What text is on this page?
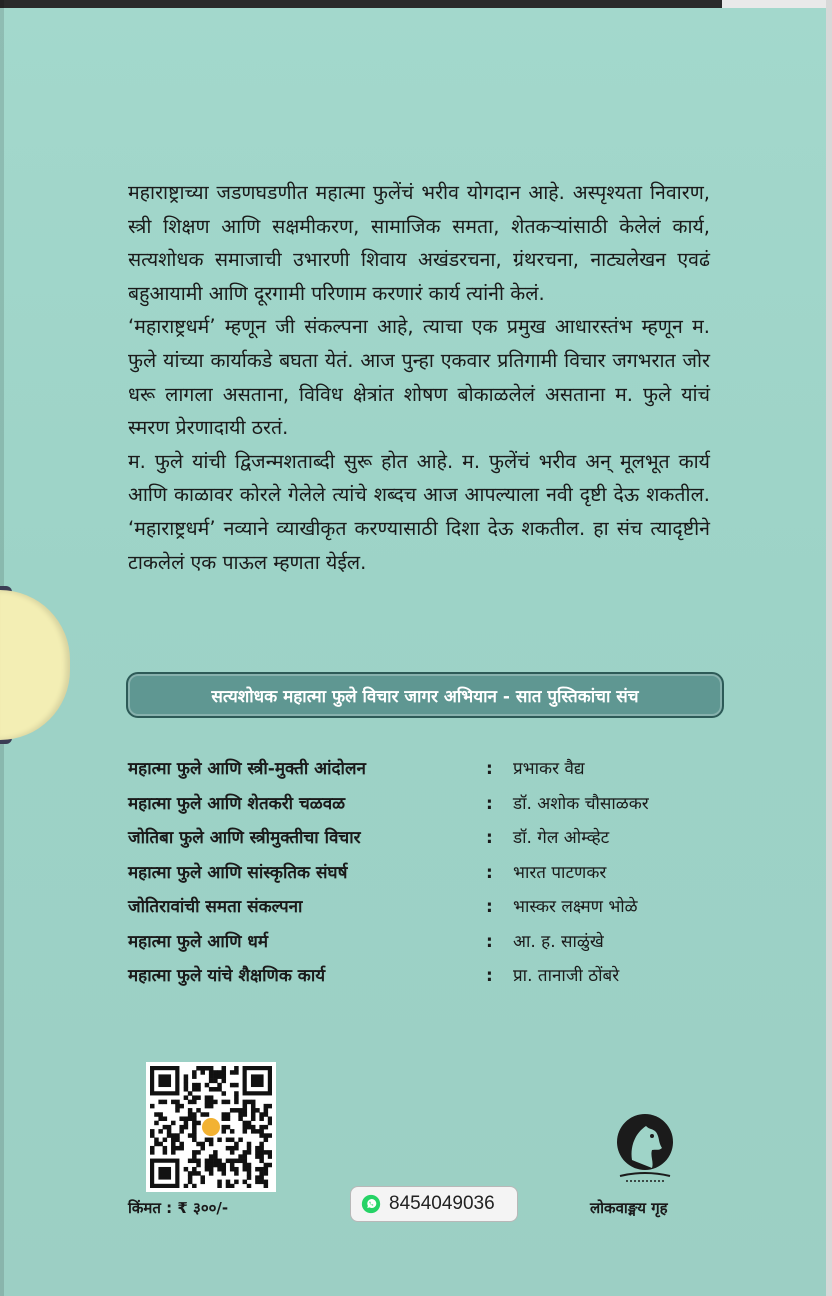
महाराष्ट्राच्या जडणघडणीत महात्मा फुलेंचं भरीव योगदान आहे. अस्पृश्यता निवारण, स्त्री शिक्षण आणि सक्षमीकरण, सामाजिक समता, शेतकऱ्यांसाठी केलेलं कार्य, सत्यशोधक समाजाची उभारणी शिवाय अखंडरचना, ग्रंथरचना, नाट्यलेखन एवढं बहुआयामी आणि दूरगामी परिणाम करणारं कार्य त्यांनी केलं.

‘महाराष्ट्रधर्म’ म्हणून जी संकल्पना आहे, त्याचा एक प्रमुख आधारस्तंभ म्हणून म. फुले यांच्या कार्याकडे बघता येतं. आज पुन्हा एकवार प्रतिगामी विचार जगभरात जोर धरू लागला असताना, विविध क्षेत्रांत शोषण बोकाळलेलं असताना म. फुले यांचं स्मरण प्रेरणादायी ठरतं.

म. फुले यांची द्विजन्मशताब्दी सुरू होत आहे. म. फुलेंचं भरीव अन् मूलभूत कार्य आणि काळावर कोरले गेलेले त्यांचे शब्दच आज आपल्याला नवी दृष्टी देऊ शकतील. ‘महाराष्ट्रधर्म’ नव्याने व्याखीकृत करण्यासाठी दिशा देऊ शकतील. हा संच त्यादृष्टीने टाकलेलं एक पाऊल म्हणता येईल.

सत्यशोधक महात्मा फुले विचार जागर अभियान - सात पुस्तिकांचा संच
महात्मा फुले आणि स्त्री-मुक्ती आंदोलन	: प्रभाकर वैद्य
महात्मा फुले आणि शेतकरी चळवळ	: डॉ. अशोक चौसाळकर
जोतिबा फुले आणि स्त्रीमुक्तीचा विचार	: डॉ. गेल ओम्व्हेट
महात्मा फुले आणि सांस्कृतिक संघर्ष	: भारत पाटणकर
जोतिरावांची समता संकल्पना	: भास्कर लक्ष्मण भोळे
महात्मा फुले आणि धर्म	: आ. ह. साळुंखे
महात्मा फुले यांचे शैक्षणिक कार्य	: प्रा. तानाजी ठोंबरे
किंमत : ₹ ३००/-	8454049036	लोकवाङ्मय गृह
